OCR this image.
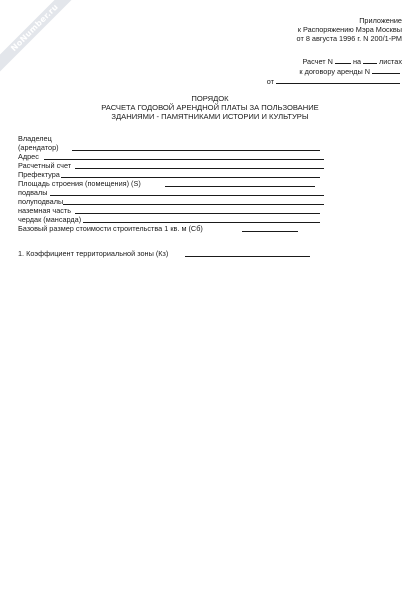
NoNumber.ru	Приложение
к Распоряжению Мэра Москвы
от 8 августа 1996 г. N 200/1-РМ
Расчет N	на листах
к договору аренды N
от
ПОРЯДОК
РАСЧЕТА ГОДОВОЙ АРЕНДНОЙ ПЛАТЫ ЗА ПОЛЬЗОВАНИЕ
ЗДАНИЯМИ - ПАМЯТНИКАМИ ИСТОРИИ И КУЛЬТУРЫ
Владелец
(арендатор)
Адрес
Расчетный счет
Префектура
Площадь строения (помещения) (S)
подвалы
полуподвалы
наземная часть
чердак (мансарда)
Базовый размер стоимости строительства 1 кв. м (Сб)
1. Коэффициент территориальной зоны (Кз)
